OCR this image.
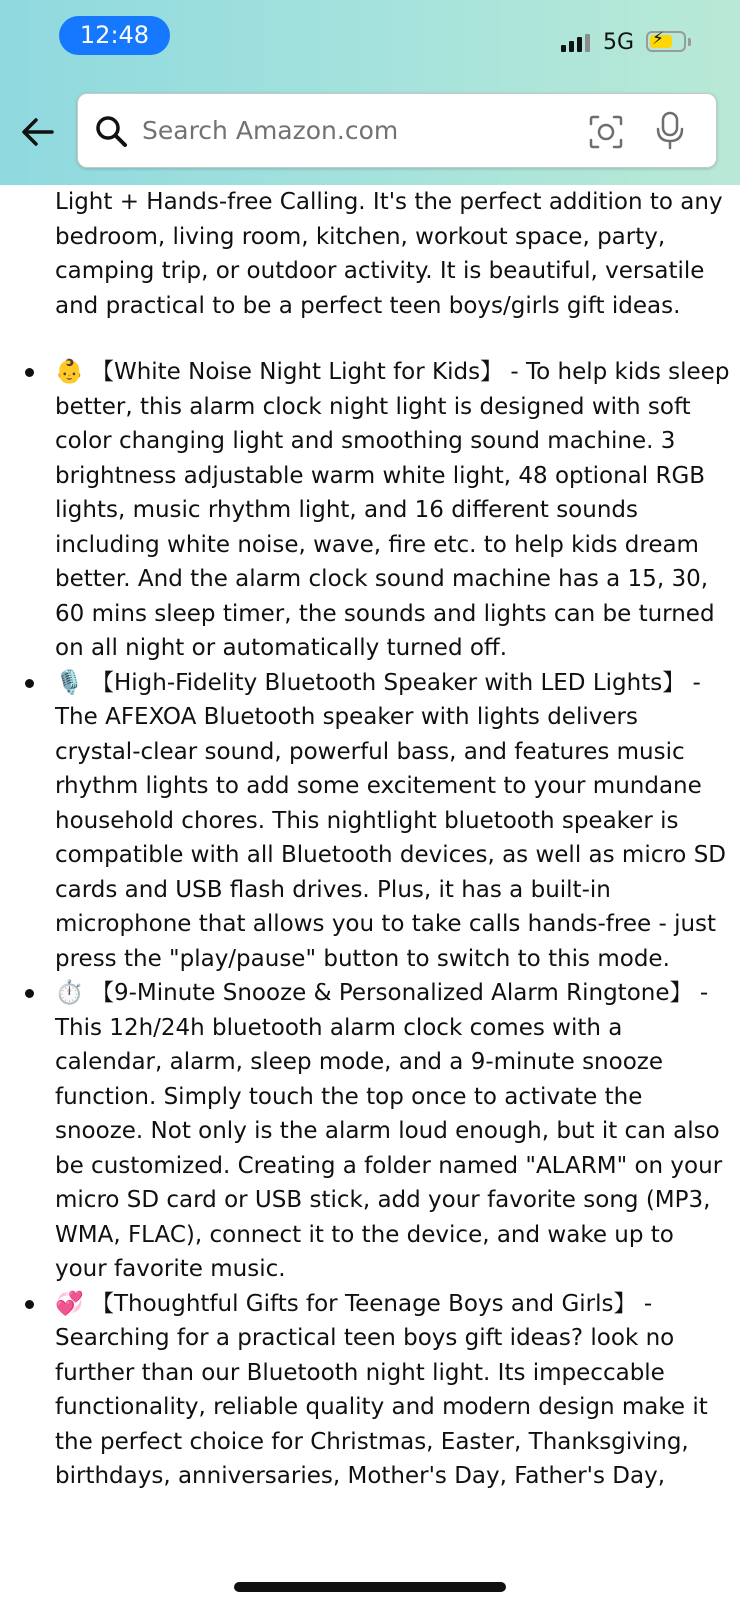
12:48	5G ⚡
Search Amazon.com
Light + Hands-free Calling. It's the perfect addition to any bedroom, living room, kitchen, workout space, party, camping trip, or outdoor activity. It is beautiful, versatile and practical to be a perfect teen boys/girls gift ideas.
👶 【White Noise Night Light for Kids】 - To help kids sleep better, this alarm clock night light is designed with soft color changing light and smoothing sound machine. 3 brightness adjustable warm white light, 48 optional RGB lights, music rhythm light, and 16 different sounds including white noise, wave, fire etc. to help kids dream better. And the alarm clock sound machine has a 15, 30, 60 mins sleep timer, the sounds and lights can be turned on all night or automatically turned off.
🎙️ 【High-Fidelity Bluetooth Speaker with LED Lights】 - The AFEXOA Bluetooth speaker with lights delivers crystal-clear sound, powerful bass, and features music rhythm lights to add some excitement to your mundane household chores. This nightlight bluetooth speaker is compatible with all Bluetooth devices, as well as micro SD cards and USB flash drives. Plus, it has a built-in microphone that allows you to take calls hands-free - just press the "play/pause" button to switch to this mode.
⏱️ 【9-Minute Snooze & Personalized Alarm Ringtone】 - This 12h/24h bluetooth alarm clock comes with a calendar, alarm, sleep mode, and a 9-minute snooze function. Simply touch the top once to activate the snooze. Not only is the alarm loud enough, but it can also be customized. Creating a folder named "ALARM" on your micro SD card or USB stick, add your favorite song (MP3, WMA, FLAC), connect it to the device, and wake up to your favorite music.
💞 【Thoughtful Gifts for Teenage Boys and Girls】 - Searching for a practical teen boys gift ideas? look no further than our Bluetooth night light. Its impeccable functionality, reliable quality and modern design make it the perfect choice for Christmas, Easter, Thanksgiving, birthdays, anniversaries, Mother's Day, Father's Day,
